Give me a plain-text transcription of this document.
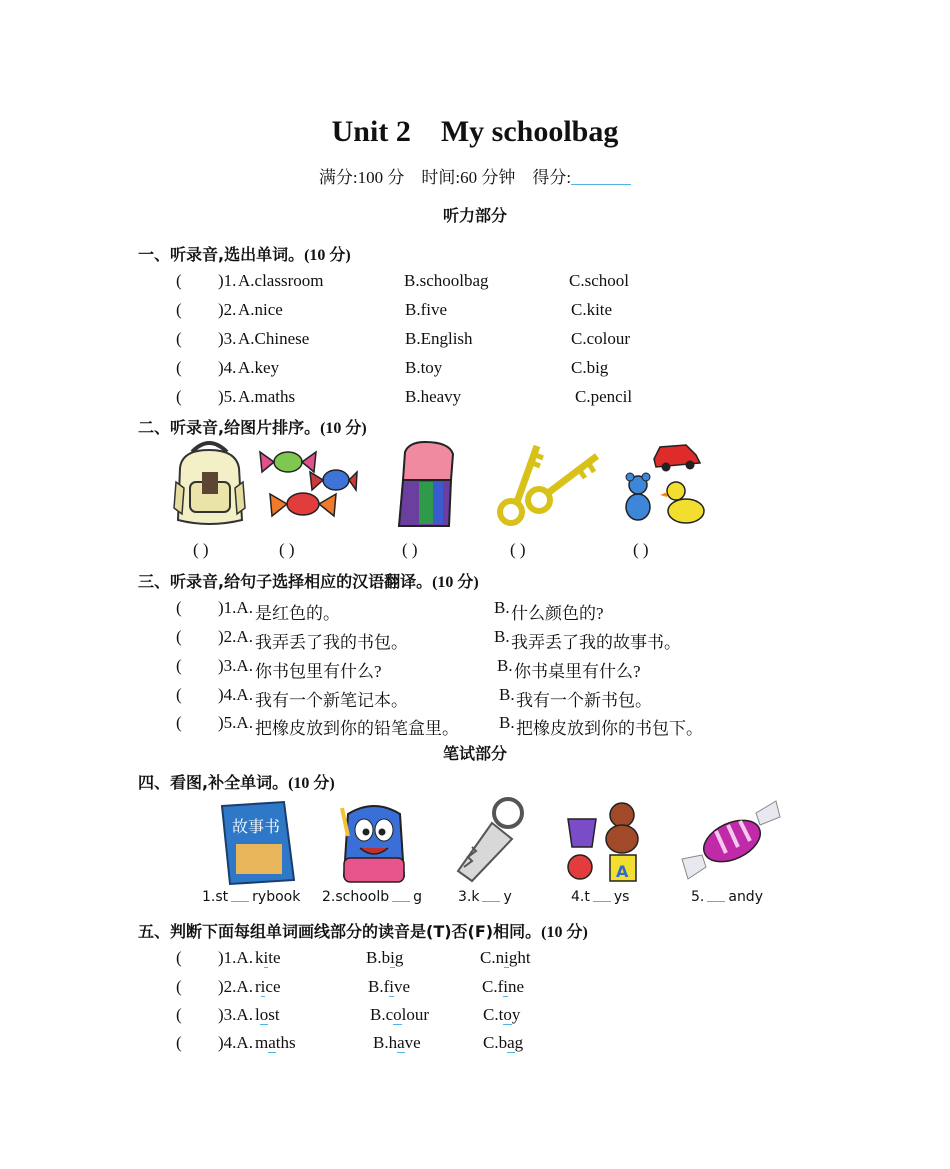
Unit 2 My schoolbag
满分:100 分 时间:60 分钟 得分:
听力部分
一、听录音,选出单词。(10 分)
( )1. A.classroom	B.schoolbag	C.school
( )2. A.nice	B.five	C.kite
( )3. A.Chinese	B.English	C.colour
( )4. A.key	B.toy	C.big
( )5. A.maths	B.heavy	C.pencil
二、听录音,给图片排序。(10 分)
( )	( )	( )	( )	( )
三、听录音,给句子选择相应的汉语翻译。(10 分)
( )1.A. 是红色的。	B. 什么颜色的?
( )2.A. 我弄丢了我的书包。	B. 我弄丢了我的故事书。
( )3.A. 你书包里有什么?	B. 你书桌里有什么?
( )4.A. 我有一个新笔记本。	B. 我有一个新书包。
( )5.A. 把橡皮放到你的铅笔盒里。 B. 把橡皮放到你的书包下。
笔试部分
四、看图,补全单词。(10 分)
故事书
A
1.st rybook 2.schoolb g	3.k y	4.t ys	5. andy
五、判断下面每组单词画线部分的读音是(T)否(F)相同。(10 分)
( )1.A. kite	B.big	C.night
( )2.A. rice	B.five	C.fine
( )3.A. lost	B.colour	C.toy
( )4.A. maths	B.have	C.bag
